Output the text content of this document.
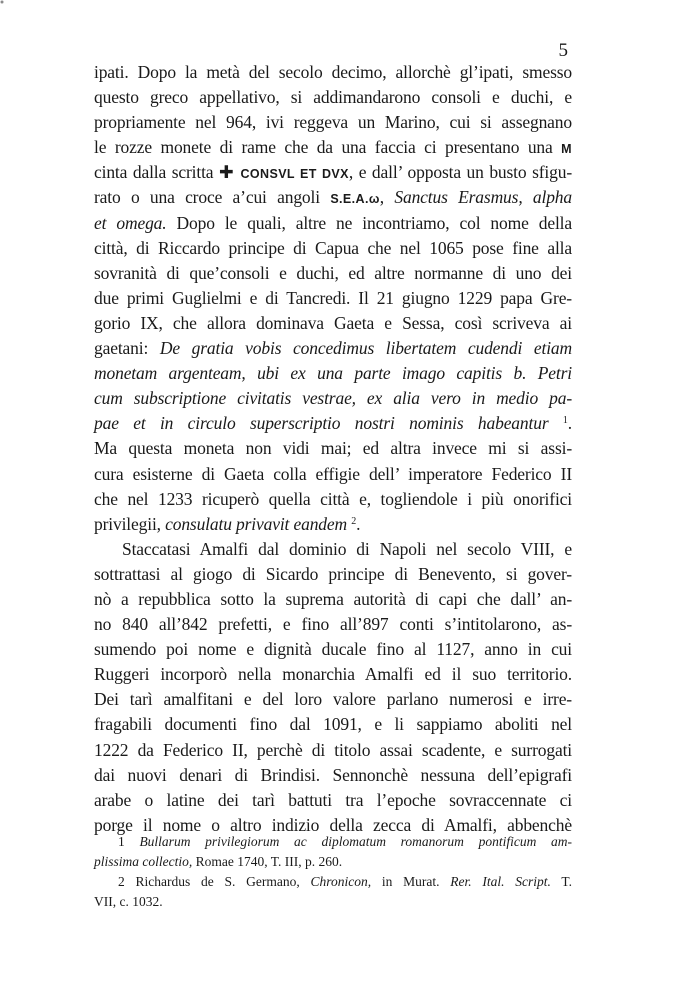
5
ipati. Dopo la metà del secolo decimo, allorchè gl’ipati, smesso
questo greco appellativo, si addimandarono consoli e duchi, e
propriamente nel 964, ivi reggeva un Marino, cui si assegnano
le rozze monete di rame che da una faccia ci presentano una M
cinta dalla scritta ✚ CONSVL ET DVX, e dall’ opposta un busto sfigu-
rato o una croce a’cui angoli S.E.A.ω, Sanctus Erasmus, alpha
et omega. Dopo le quali, altre ne incontriamo, col nome della
città, di Riccardo principe di Capua che nel 1065 pose fine alla
sovranità di que’consoli e duchi, ed altre normanne di uno dei
due primi Guglielmi e di Tancredi. Il 21 giugno 1229 papa Gre-
gorio IX, che allora dominava Gaeta e Sessa, così scriveva ai
gaetani: De gratia vobis concedimus libertatem cudendi etiam
monetam argenteam, ubi ex una parte imago capitis b. Petri
cum subscriptione civitatis vestrae, ex alia vero in medio pa-
pae et in circulo superscriptio nostri nominis habeantur $^1$.
Ma questa moneta non vidi mai; ed altra invece mi si assi-
cura esisterne di Gaeta colla effigie dell’ imperatore Federico II
che nel 1233 ricuperò quella città e, togliendole i più onorifici
privilegii, consulatu privavit eandem $^2$.
Staccatasi Amalfi dal dominio di Napoli nel secolo VIII, e
sottrattasi al giogo di Sicardo principe di Benevento, si gover-
nò a repubblica sotto la suprema autorità di capi che dall’ an-
no 840 all’842 prefetti, e fino all’897 conti s’intitolarono, as-
sumendo poi nome e dignità ducale fino al 1127, anno in cui
Ruggeri incorporò nella monarchia Amalfi ed il suo territorio.
Dei tarì amalfitani e del loro valore parlano numerosi e irre-
fragabili documenti fino dal 1091, e li sappiamo aboliti nel
1222 da Federico II, perchè di titolo assai scadente, e surrogati
dai nuovi denari di Brindisi. Sennonchè nessuna dell’epigrafi
arabe o latine dei tarì battuti tra l’epoche sovraccennate ci
porge il nome o altro indizio della zecca di Amalfi, abbenchè
1 Bullarum privilegiorum ac diplomatum romanorum pontificum am-
plissima collectio, Romae 1740, T. III, p. 260.
2 Richardus de S. Germano, Chronicon, in Murat. Rer. Ital. Script. T.
VII, c. 1032.
